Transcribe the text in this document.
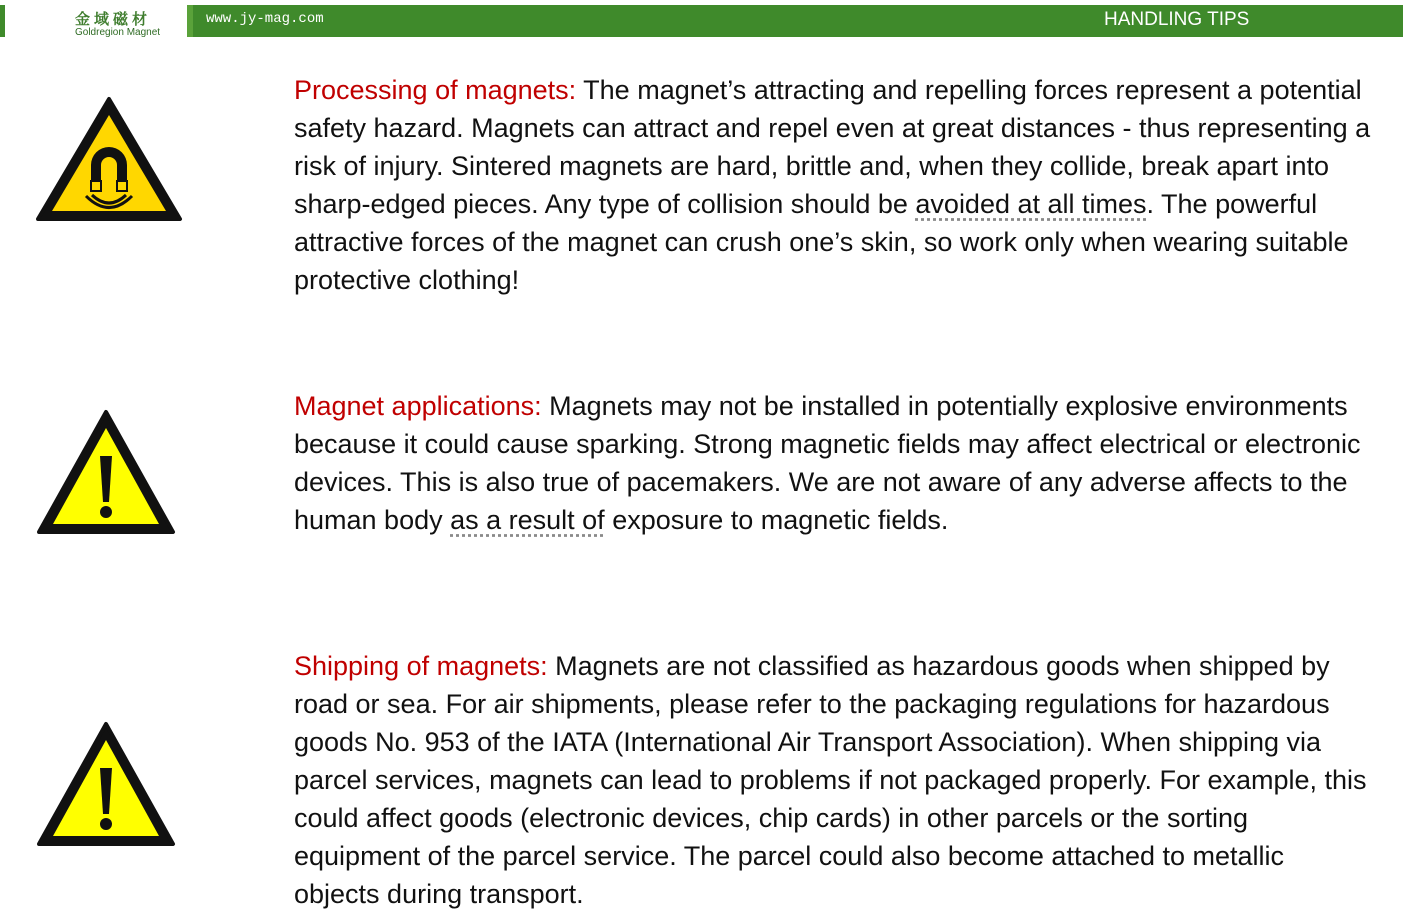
金域磁材
Goldregion Magnet
www.jy-mag.com	HANDLING TIPS
Processing of magnets: The magnet’s attracting and repelling forces represent a potential safety hazard. Magnets can attract and repel even at great distances - thus representing a risk of injury. Sintered magnets are hard, brittle and, when they collide, break apart into sharp-edged pieces. Any type of collision should be avoided at all times. The powerful attractive forces of the magnet can crush one’s skin, so work only when wearing suitable protective clothing!
Magnet applications: Magnets may not be installed in potentially explosive environments because it could cause sparking. Strong magnetic fields may affect electrical or electronic devices. This is also true of pacemakers. We are not aware of any adverse affects to the human body as a result of exposure to magnetic fields.
Shipping of magnets: Magnets are not classified as hazardous goods when shipped by road or sea. For air shipments, please refer to the packaging regulations for hazardous goods No. 953 of the IATA (International Air Transport Association). When shipping via parcel services, magnets can lead to problems if not packaged properly. For example, this could affect goods (electronic devices, chip cards) in other parcels or the sorting equipment of the parcel service. The parcel could also become attached to metallic objects during transport.
